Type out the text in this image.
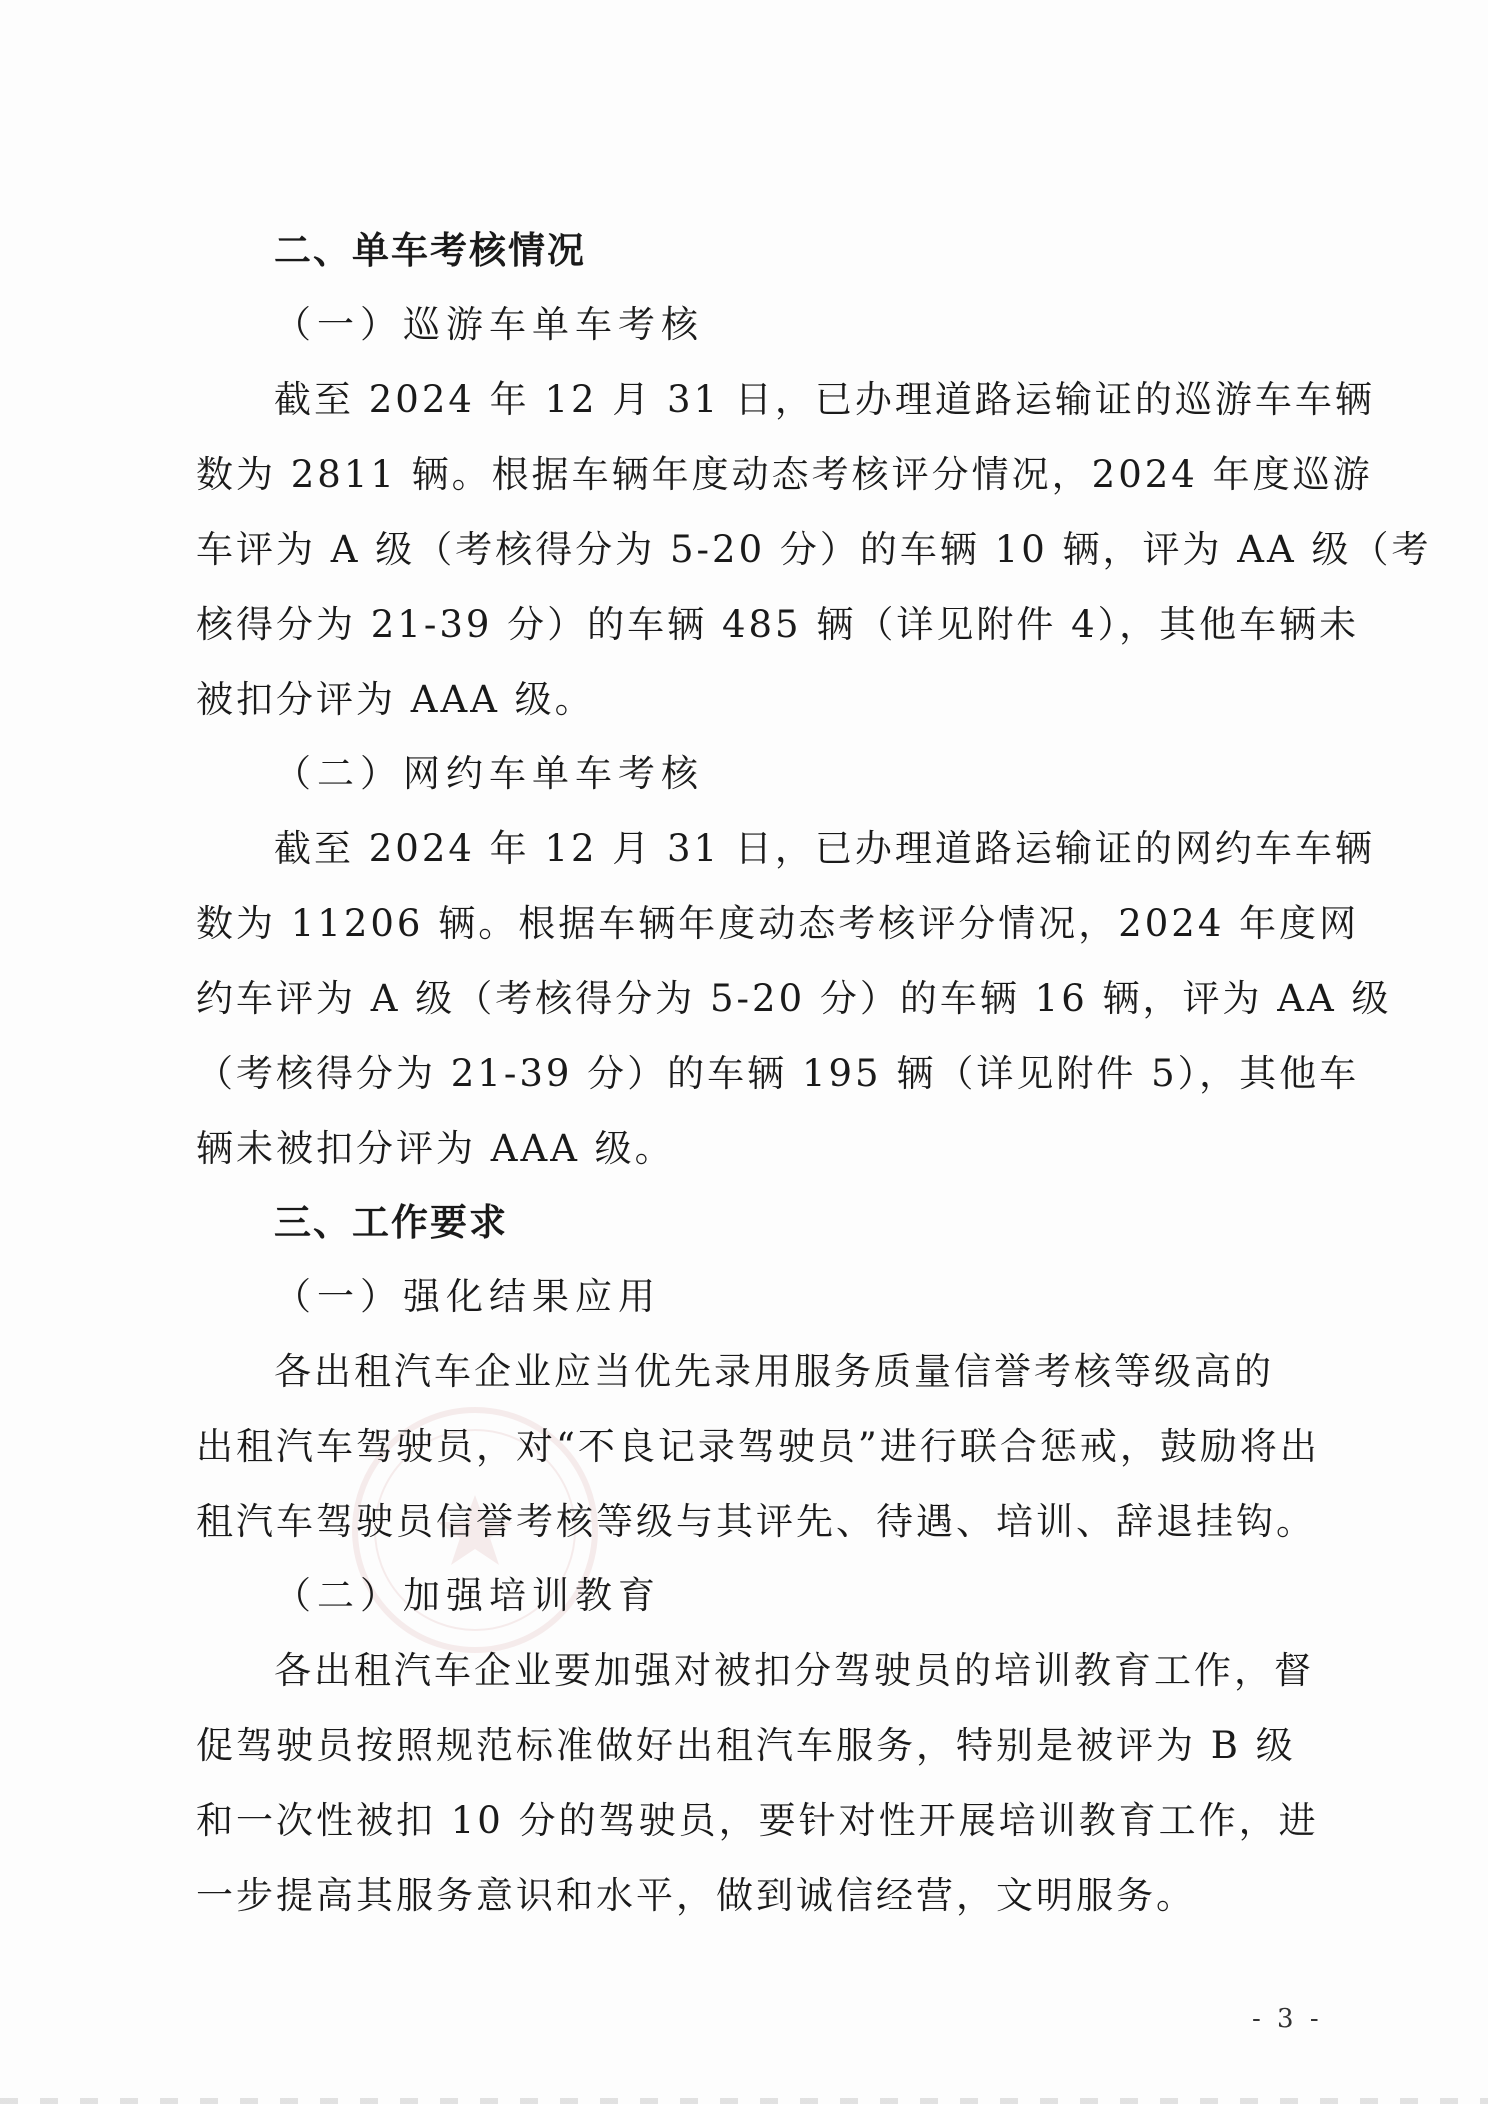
二、单车考核情况
（一）巡游车单车考核
截至 2024 年 12 月 31 日，已办理道路运输证的巡游车车辆
数为 2811 辆。根据车辆年度动态考核评分情况，2024 年度巡游
车评为 A 级（考核得分为 5-20 分）的车辆 10 辆，评为 AA 级（考
核得分为 21-39 分）的车辆 485 辆（详见附件 4），其他车辆未
被扣分评为 AAA 级。
（二）网约车单车考核
截至 2024 年 12 月 31 日，已办理道路运输证的网约车车辆
数为 11206 辆。根据车辆年度动态考核评分情况，2024 年度网
约车评为 A 级（考核得分为 5-20 分）的车辆 16 辆，评为 AA 级
（考核得分为 21-39 分）的车辆 195 辆（详见附件 5），其他车
辆未被扣分评为 AAA 级。
三、工作要求
（一）强化结果应用
各出租汽车企业应当优先录用服务质量信誉考核等级高的
出租汽车驾驶员，对“不良记录驾驶员”进行联合惩戒，鼓励将出
租汽车驾驶员信誉考核等级与其评先、待遇、培训、辞退挂钩。
（二）加强培训教育
各出租汽车企业要加强对被扣分驾驶员的培训教育工作，督
促驾驶员按照规范标准做好出租汽车服务，特别是被评为 B 级
和一次性被扣 10 分的驾驶员，要针对性开展培训教育工作，进
一步提高其服务意识和水平，做到诚信经营，文明服务。
- 3 -
